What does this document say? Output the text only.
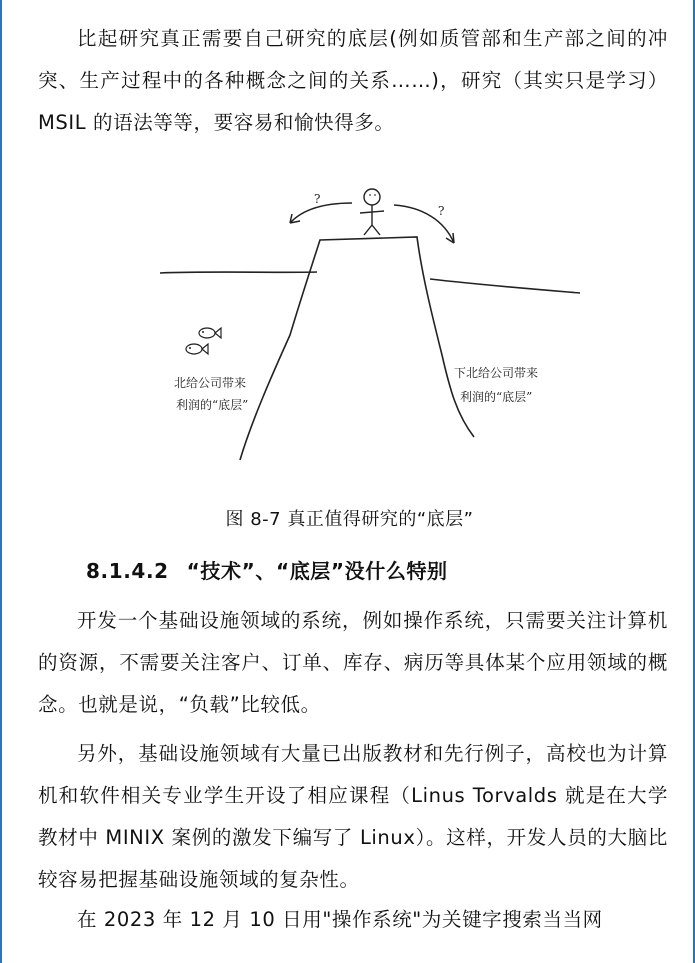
比起研究真正需要自己研究的底层(例如质管部和生产部之间的冲突、生产过程中的各种概念之间的关系……)，研究（其实只是学习）MSIL 的语法等等，要容易和愉快得多。

?
?
北给公司带来
利润的“底层”
下北给公司带来
利润的“底层”
图 8-7 真正值得研究的“底层”
8.1.4.2 “技术”、“底层”没什么特别

开发一个基础设施领域的系统，例如操作系统，只需要关注计算机的资源，不需要关注客户、订单、库存、病历等具体某个应用领域的概念。也就是说，“负载”比较低。

另外，基础设施领域有大量已出版教材和先行例子，高校也为计算机和软件相关专业学生开设了相应课程（Linus Torvalds 就是在大学教材中 MINIX 案例的激发下编写了 Linux）。这样，开发人员的大脑比较容易把握基础设施领域的复杂性。

在 2023 年 12 月 10 日用"操作系统"为关键字搜索当当网
